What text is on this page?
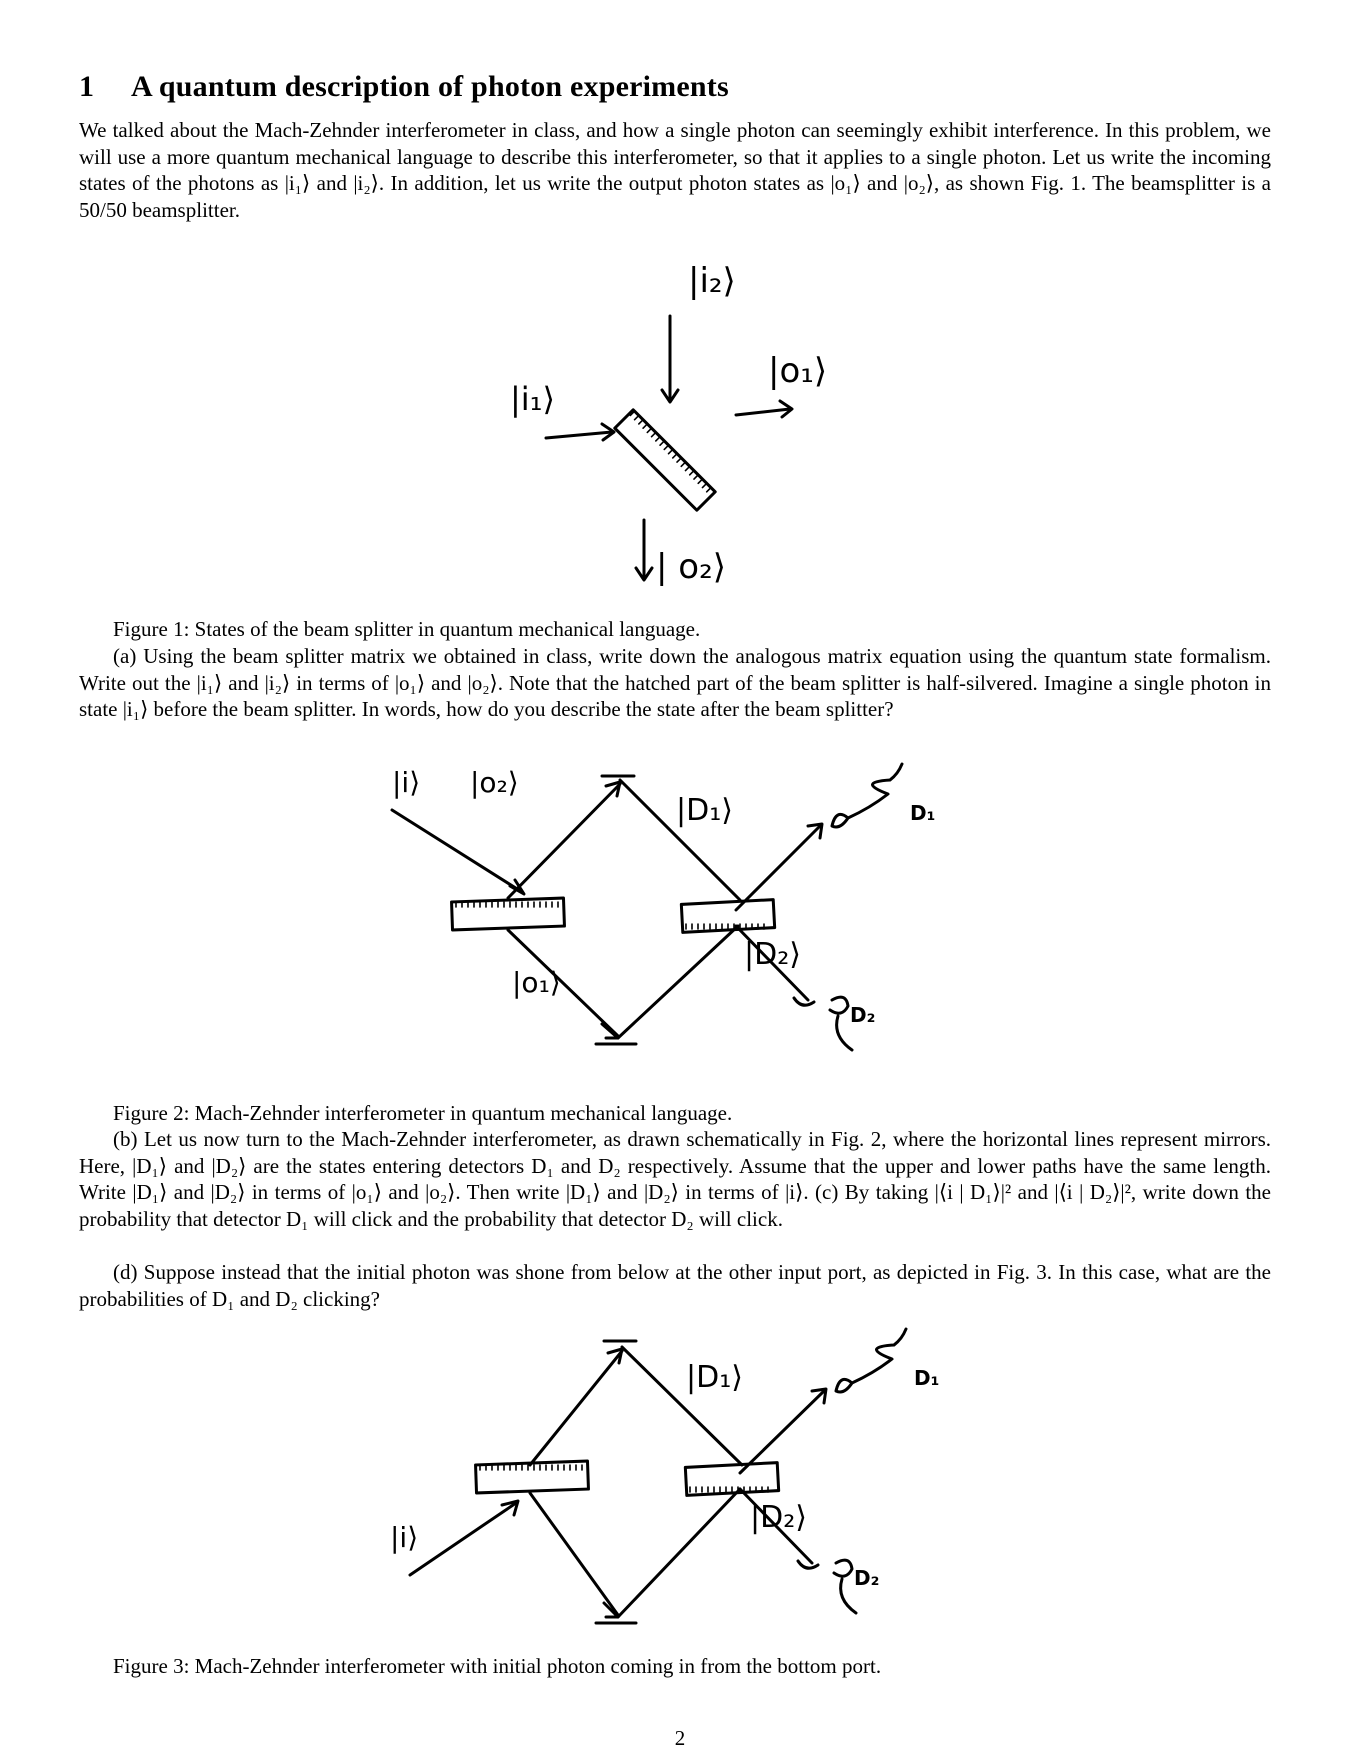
1 A quantum description of photon experiments

We talked about the Mach-Zehnder interferometer in class, and how a single photon can seemingly exhibit interference. In this problem, we will use a more quantum mechanical language to describe this interferometer, so that it applies to a single photon. Let us write the incoming states of the photons as |i₁⟩ and |i₂⟩. In addition, let us write the output photon states as |o₁⟩ and |o₂⟩, as shown Fig. 1. The beamsplitter is a 50/50 beamsplitter.

|i₂⟩
|i₁⟩
|o₁⟩
| o₂⟩

Figure 1: States of the beam splitter in quantum mechanical language.

(a) Using the beam splitter matrix we obtained in class, write down the analogous matrix equation using the quantum state formalism. Write out the |i₁⟩ and |i₂⟩ in terms of |o₁⟩ and |o₂⟩. Note that the hatched part of the beam splitter is half-silvered. Imagine a single photon in state |i₁⟩ before the beam splitter. In words, how do you describe the state after the beam splitter?

|i⟩ |o₂⟩
|o₁⟩
|D₁⟩
|D₂⟩
D₁
D₂

Figure 2: Mach-Zehnder interferometer in quantum mechanical language.

(b) Let us now turn to the Mach-Zehnder interferometer, as drawn schematically in Fig. 2, where the horizontal lines represent mirrors. Here, |D₁⟩ and |D₂⟩ are the states entering detectors D₁ and D₂ respectively. Assume that the upper and lower paths have the same length. Write |D₁⟩ and |D₂⟩ in terms of |o₁⟩ and |o₂⟩. Then write |D₁⟩ and |D₂⟩ in terms of |i⟩. (c) By taking |⟨i | D₁⟩|² and |⟨i | D₂⟩|², write down the probability that detector D₁ will click and the probability that detector D₂ will click.

(d) Suppose instead that the initial photon was shone from below at the other input port, as depicted in Fig. 3. In this case, what are the probabilities of D₁ and D₂ clicking?

|i⟩
|D₁⟩
|D₂⟩
D₁
D₂

Figure 3: Mach-Zehnder interferometer with initial photon coming in from the bottom port.

2
